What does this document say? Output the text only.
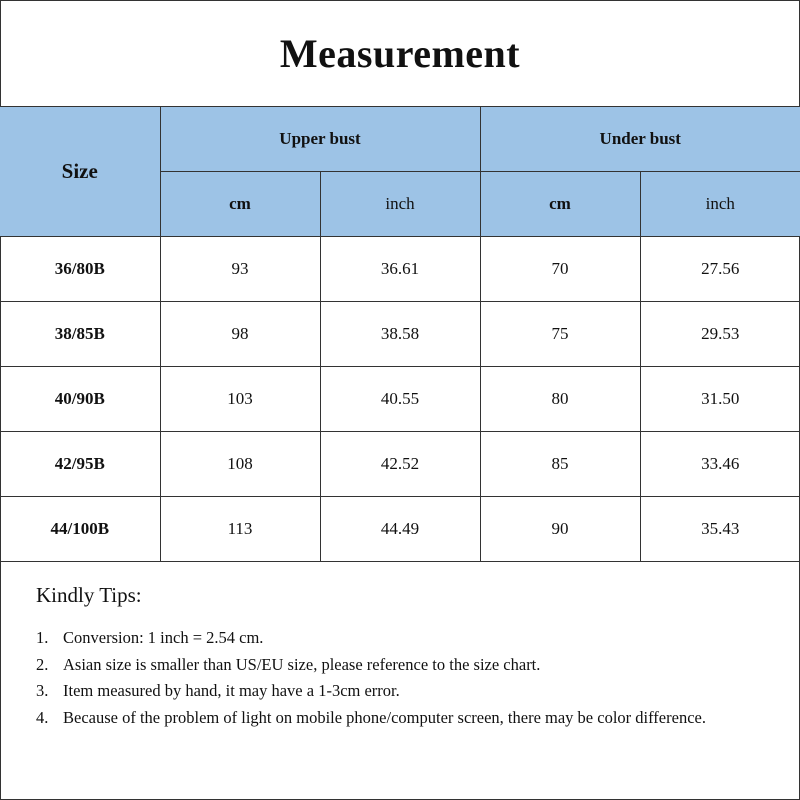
Measurement
Size	Upper bust		Under bust	
	cm	inch	cm	inch
36/80B	93	36.61	70	27.56
38/85B	98	38.58	75	29.53
40/90B	103	40.55	80	31.50
42/95B	108	42.52	85	33.46
44/100B	113	44.49	90	35.43
Kindly Tips:
1. Conversion: 1 inch = 2.54 cm.
2. Asian size is smaller than US/EU size, please reference to the size chart.
3. Item measured by hand, it may have a 1-3cm error.
4. Because of the problem of light on mobile phone/computer screen, there may be color difference.
